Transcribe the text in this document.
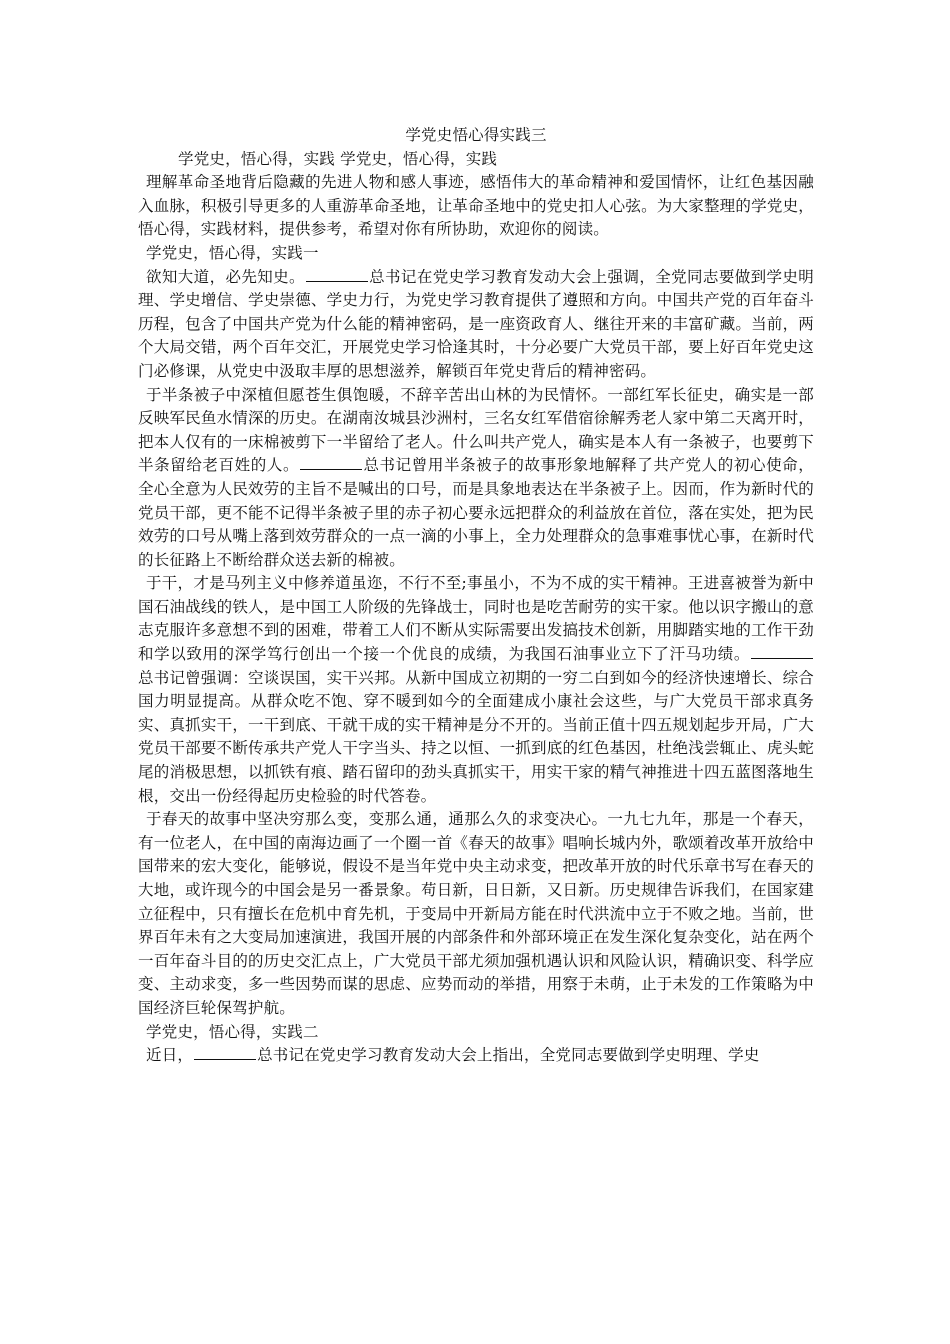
学党史悟心得实践三

学党史，悟心得，实践 学党史，悟心得，实践

理解革命圣地背后隐藏的先进人物和感人事迹，感悟伟大的革命精神和爱国情怀，让红色基因融入血脉，积极引导更多的人重游革命圣地，让革命圣地中的党史扣人心弦。为大家整理的学党史，悟心得，实践材料，提供参考，希望对你有所协助，欢迎你的阅读。

学党史，悟心得，实践一

欲知大道，必先知史。	总书记在党史学习教育发动大会上强调，全党同志要做到学史明理、学史增信、学史崇德、学史力行，为党史学习教育提供了遵照和方向。中国共产党的百年奋斗历程，包含了中国共产党为什么能的精神密码，是一座资政育人、继往开来的丰富矿藏。当前，两个大局交错，两个百年交汇，开展党史学习恰逢其时，十分必要广大党员干部，要上好百年党史这门必修课，从党史中汲取丰厚的思想滋养，解锁百年党史背后的精神密码。

于半条被子中深植但愿苍生俱饱暖，不辞辛苦出山林的为民情怀。一部红军长征史，确实是一部反映军民鱼水情深的历史。在湖南汝城县沙洲村，三名女红军借宿徐解秀老人家中第二天离开时，把本人仅有的一床棉被剪下一半留给了老人。什么叫共产党人，确实是本人有一条被子，也要剪下半条留给老百姓的人。	总书记曾用半条被子的故事形象地解释了共产党人的初心使命，全心全意为人民效劳的主旨不是喊出的口号，而是具象地表达在半条被子上。因而，作为新时代的党员干部，更不能不记得半条被子里的赤子初心要永远把群众的利益放在首位，落在实处，把为民效劳的口号从嘴上落到效劳群众的一点一滴的小事上，全力处理群众的急事难事忧心事，在新时代的长征路上不断给群众送去新的棉被。

于干，才是马列主义中修养道虽迩，不行不至;事虽小，不为不成的实干精神。王进喜被誉为新中国石油战线的铁人，是中国工人阶级的先锋战士，同时也是吃苦耐劳的实干家。他以识字搬山的意志克服许多意想不到的困难，带着工人们不断从实际需要出发搞技术创新，用脚踏实地的工作干劲和学以致用的深学笃行创出一个接一个优良的成绩，为我国石油事业立下了汗马功绩。总书记曾强调：空谈误国，实干兴邦。从新中国成立初期的一穷二白到如今的经济快速增长、综合国力明显提高。从群众吃不饱、穿不暖到如今的全面建成小康社会这些，与广大党员干部求真务实、真抓实干，一干到底、干就干成的实干精神是分不开的。当前正值十四五规划起步开局，广大党员干部要不断传承共产党人干字当头、持之以恒、一抓到底的红色基因，杜绝浅尝辄止、虎头蛇尾的消极思想，以抓铁有痕、踏石留印的劲头真抓实干，用实干家的精气神推进十四五蓝图落地生根，交出一份经得起历史检验的时代答卷。

于春天的故事中坚决穷那么变，变那么通，通那么久的求变决心。一九七九年，那是一个春天，有一位老人，在中国的南海边画了一个圈一首《春天的故事》唱响长城内外，歌颂着改革开放给中国带来的宏大变化，能够说，假设不是当年党中央主动求变，把改革开放的时代乐章书写在春天的大地，或许现今的中国会是另一番景象。苟日新，日日新，又日新。历史规律告诉我们，在国家建立征程中，只有擅长在危机中育先机，于变局中开新局方能在时代洪流中立于不败之地。当前，世界百年未有之大变局加速演进，我国开展的内部条件和外部环境正在发生深化复杂变化，站在两个一百年奋斗目的的历史交汇点上，广大党员干部尤须加强机遇认识和风险认识，精确识变、科学应变、主动求变，多一些因势而谋的思虑、应势而动的举措，用察于未萌，止于未发的工作策略为中国经济巨轮保驾护航。

学党史，悟心得，实践二

近日，	总书记在党史学习教育发动大会上指出，全党同志要做到学史明理、学史
